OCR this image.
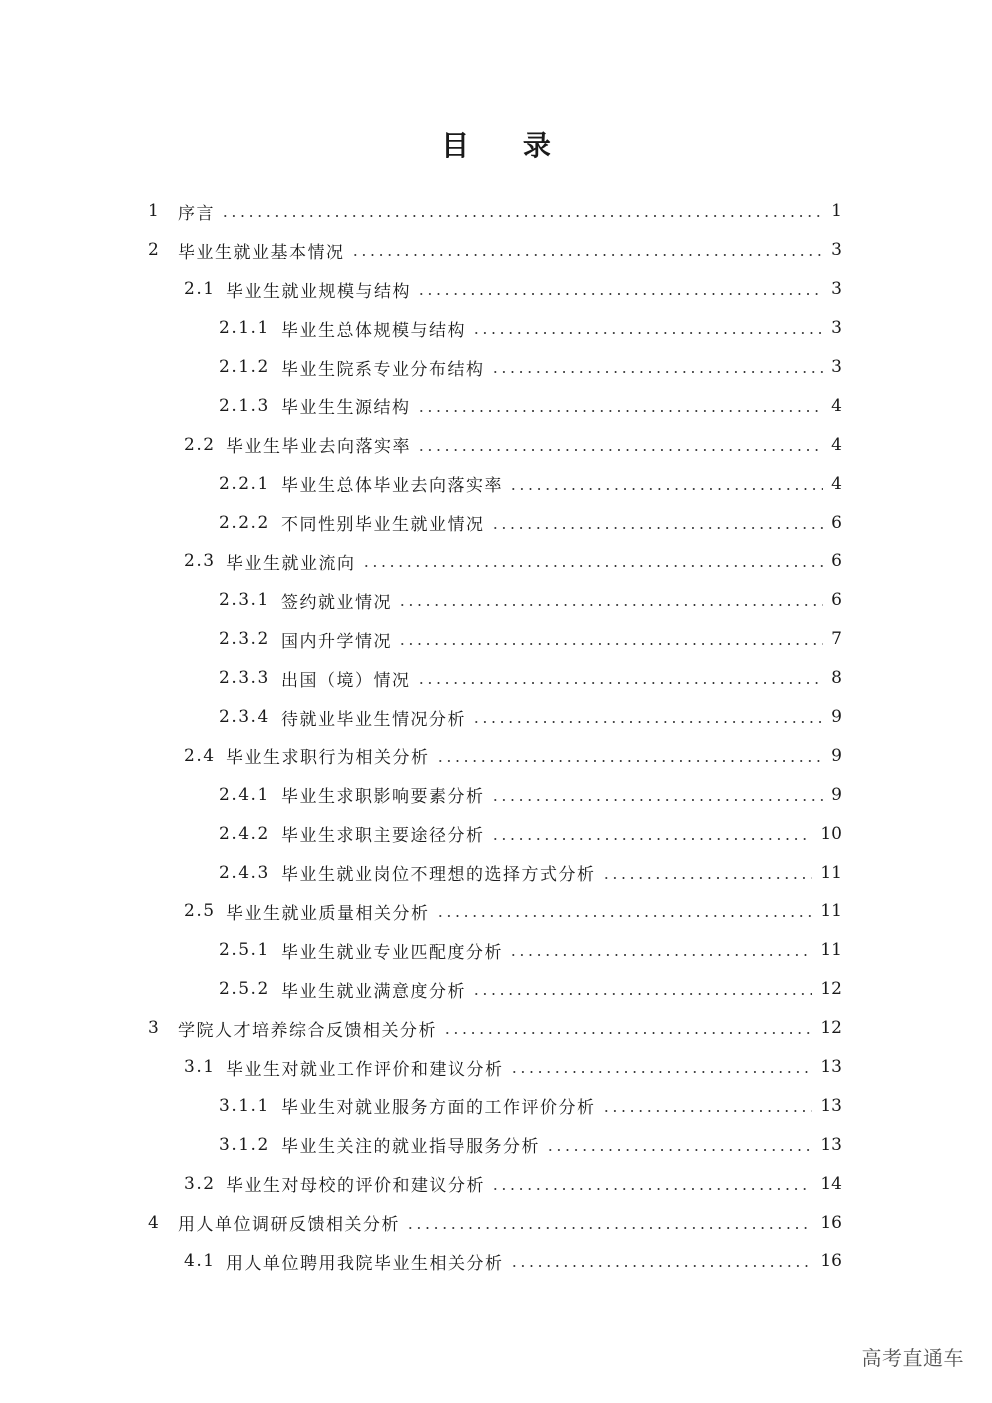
目 录
1	序言	1
2	毕业生就业基本情况	3
2.1 毕业生就业规模与结构	3
2.1.1 毕业生总体规模与结构	3
2.1.2 毕业生院系专业分布结构	3
2.1.3 毕业生生源结构	4
2.2 毕业生毕业去向落实率	4
2.2.1 毕业生总体毕业去向落实率	4
2.2.2 不同性别毕业生就业情况	6
2.3 毕业生就业流向	6
2.3.1 签约就业情况	6
2.3.2 国内升学情况	7
2.3.3 出国（境）情况	8
2.3.4 待就业毕业生情况分析	9
2.4 毕业生求职行为相关分析	9
2.4.1 毕业生求职影响要素分析	9
2.4.2 毕业生求职主要途径分析	10
2.4.3 毕业生就业岗位不理想的选择方式分析	11
2.5 毕业生就业质量相关分析	11
2.5.1 毕业生就业专业匹配度分析	11
2.5.2 毕业生就业满意度分析	12
3	学院人才培养综合反馈相关分析	12
3.1 毕业生对就业工作评价和建议分析	13
3.1.1 毕业生对就业服务方面的工作评价分析	13
3.1.2 毕业生关注的就业指导服务分析	13
3.2 毕业生对母校的评价和建议分析	14
4	用人单位调研反馈相关分析	16
4.1 用人单位聘用我院毕业生相关分析	16
高考直通车
